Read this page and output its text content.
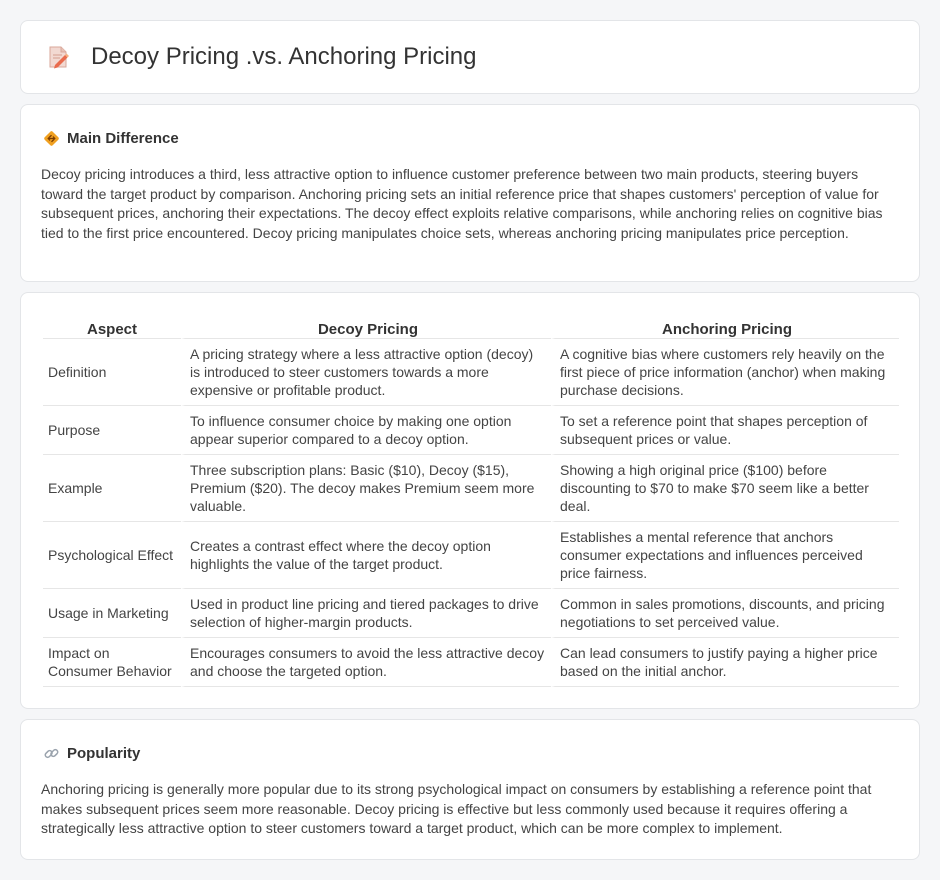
Decoy Pricing .vs. Anchoring Pricing
Main Difference

Decoy pricing introduces a third, less attractive option to influence customer preference between two main products, steering buyers toward the target product by comparison. Anchoring pricing sets an initial reference price that shapes customers' perception of value for subsequent prices, anchoring their expectations. The decoy effect exploits relative comparisons, while anchoring relies on cognitive bias tied to the first price encountered. Decoy pricing manipulates choice sets, whereas anchoring pricing manipulates price perception.

Aspect	Decoy Pricing	Anchoring Pricing
Definition	A pricing strategy where a less attractive option (decoy) is introduced to steer customers towards a more expensive or profitable product.	A cognitive bias where customers rely heavily on the first piece of price information (anchor) when making purchase decisions.
Purpose	To influence consumer choice by making one option appear superior compared to a decoy option.	To set a reference point that shapes perception of subsequent prices or value.
Example	Three subscription plans: Basic ($10), Decoy ($15), Premium ($20). The decoy makes Premium seem more valuable.	Showing a high original price ($100) before discounting to $70 to make $70 seem like a better deal.
Psychological Effect	Creates a contrast effect where the decoy option highlights the value of the target product.	Establishes a mental reference that anchors consumer expectations and influences perceived price fairness.
Usage in Marketing	Used in product line pricing and tiered packages to drive selection of higher-margin products.	Common in sales promotions, discounts, and pricing negotiations to set perceived value.
Impact on Consumer Behavior	Encourages consumers to avoid the less attractive decoy and choose the targeted option.	Can lead consumers to justify paying a higher price based on the initial anchor.
Popularity

Anchoring pricing is generally more popular due to its strong psychological impact on consumers by establishing a reference point that makes subsequent prices seem more reasonable. Decoy pricing is effective but less commonly used because it requires offering a strategically less attractive option to steer customers toward a target product, which can be more complex to implement.
